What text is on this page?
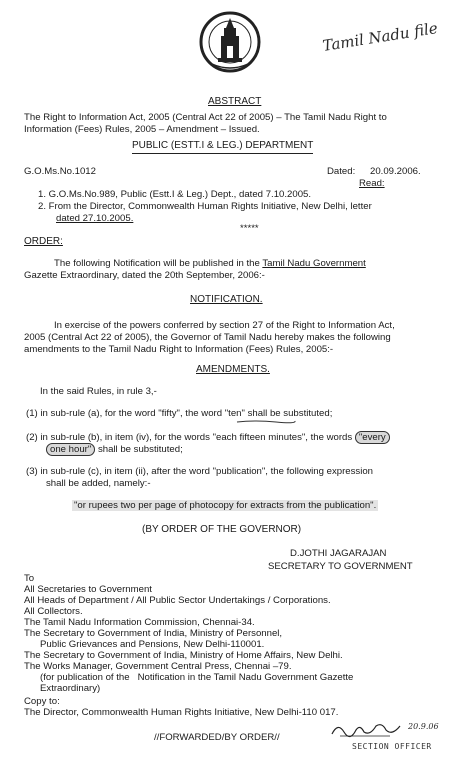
Tamil Nadu file
ABSTRACT
The Right to Information Act, 2005 (Central Act 22 of 2005) – The Tamil Nadu Right to
Information (Fees) Rules, 2005 – Amendment – Issued.
PUBLIC (ESTT.I & LEG.) DEPARTMENT
G.O.Ms.No.1012	Dated: 20.09.2006.
Read:
1. G.O.Ms.No.989, Public (Estt.I & Leg.) Dept., dated 7.10.2005.
2. From the Director, Commonwealth Human Rights Initiative, New Delhi, letter
dated 27.10.2005.
*****
ORDER:
The following Notification will be published in the Tamil Nadu Government
Gazette Extraordinary, dated the 20th September, 2006:-
NOTIFICATION.
In exercise of the powers conferred by section 27 of the Right to Information Act,
2005 (Central Act 22 of 2005), the Governor of Tamil Nadu hereby makes the following
amendments to the Tamil Nadu Right to Information (Fees) Rules, 2005:-
AMENDMENTS.
In the said Rules, in rule 3,-
(1) in sub-rule (a), for the word "fifty", the word "ten" shall be substituted;
(2) in sub-rule (b), in item (iv), for the words "each fifteen minutes", the words "every
one hour" shall be substituted;
(3) in sub-rule (c), in item (ii), after the word "publication", the following expression
shall be added, namely:-
"or rupees two per page of photocopy for extracts from the publication".
(BY ORDER OF THE GOVERNOR)
D.JOTHI JAGARAJAN
SECRETARY TO GOVERNMENT
To
All Secretaries to Government
All Heads of Department / All Public Sector Undertakings / Corporations.
All Collectors.
The Tamil Nadu Information Commission, Chennai-34.
The Secretary to Government of India, Ministry of Personnel,
Public Grievances and Pensions, New Delhi-110001.
The Secretary to Government of India, Ministry of Home Affairs, New Delhi.
The Works Manager, Government Central Press, Chennai –79.
(for publication of the   Notification in the Tamil Nadu Government Gazette
Extraordinary)
Copy to:
The Director, Commonwealth Human Rights Initiative, New Delhi-110 017.
//FORWARDED/BY ORDER//
20.9.06
SECTION OFFICER
